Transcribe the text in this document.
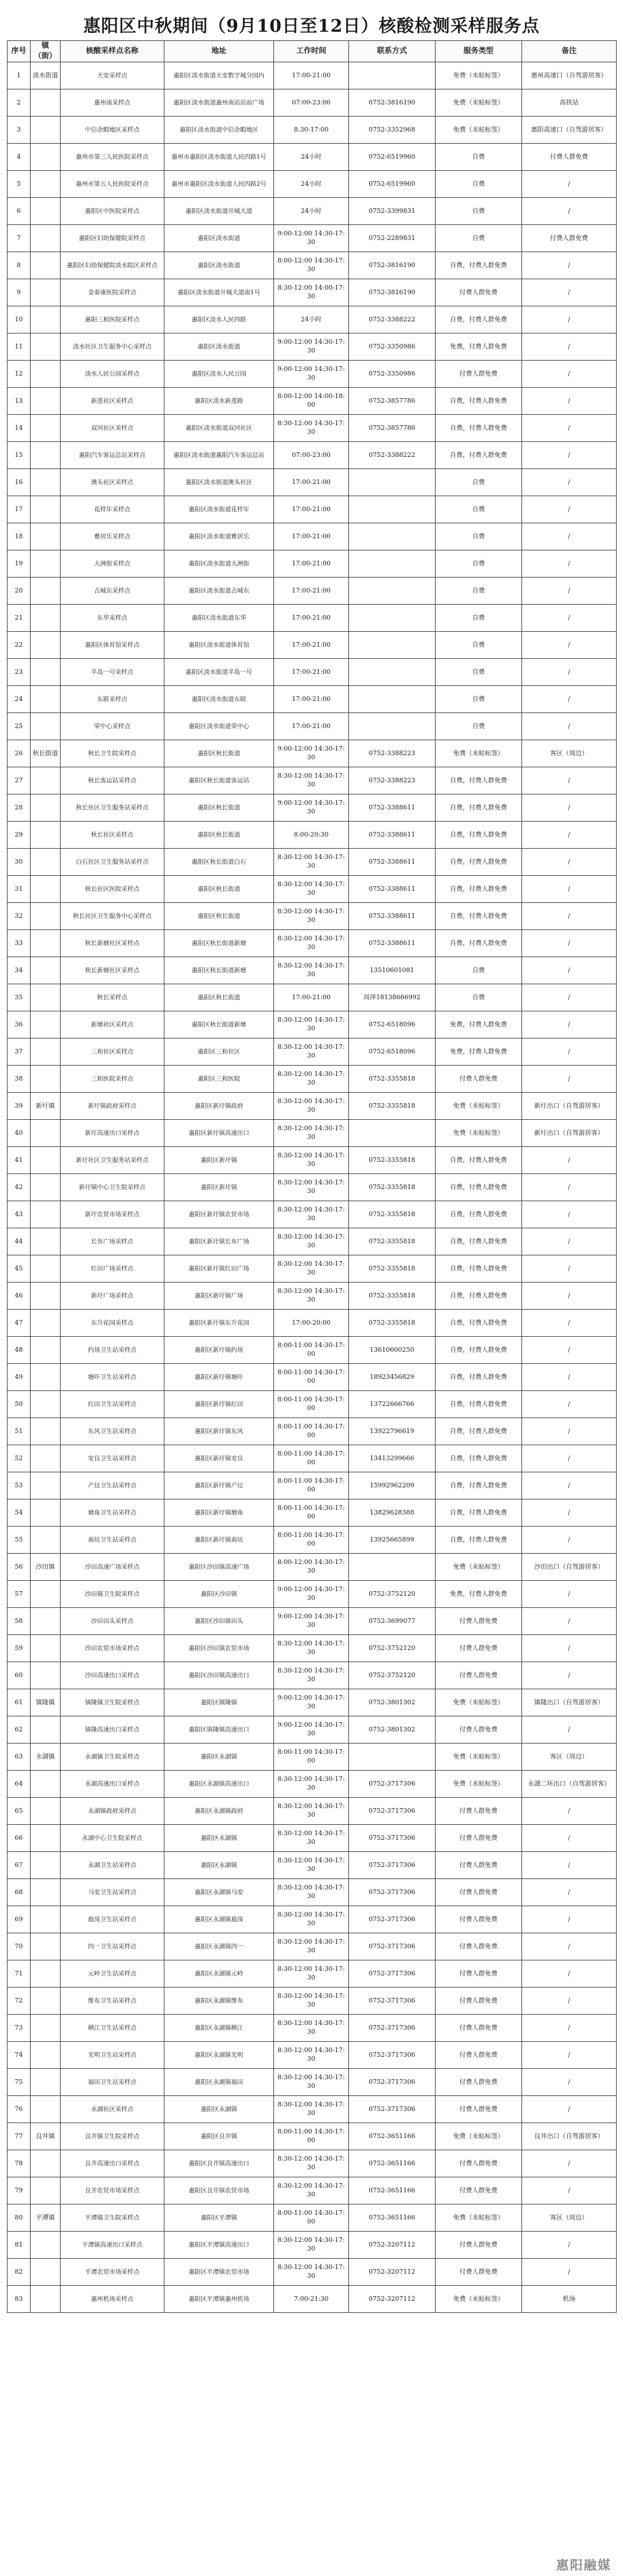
惠阳区中秋期间（9月10日至12日）核酸检测采样服务点
序号	镇（街）	核酸采样点名称	地址	工作时间	联系方式	服务类型	备注
1	淡水街道	天安采样点	惠阳区淡水街道天安数字城分园内	17:00-21:00		免费（未贴标签）	惠州高速口（自驾游居客）
2		惠州南采样点	惠阳区淡水街道惠州南站站前广场	07:00-23:00	0752-3816190	免费（未贴标签）	高铁站
3		中信余暇地区采样点	惠阳区淡水街道中信余暇地区	8:30-17:00	0752-3352968	免费（未贴标签）	惠阳高速口（自驾游居客）
4		惠州市第三人民医院采样点	惠州市惠阳区淡水街道人民四路1号	24小时	0752-6519960	自费	付费人群免费
5		惠州市第五人民医院采样点	惠州市惠阳区淡水街道人民四路2号	24小时	0752-6519960	自费	/
6		惠阳区中医院采样点	惠阳区淡水街道开城大道	24小时	0752-3399831	自费	/
7		惠阳区妇幼保健院采样点	惠阳区淡水街道	9:00-12:00 14:30-17:30	0752-2289831	自费	付费人群免费
8		惠阳区妇幼保健院淡水院区采样点	惠阳区淡水街道	8:00-12:00 14:30-17:30	0752-3816190	自费，付费人群免费	/
9		金泰康医院采样点	惠阳区淡水街道开城大道南1号	8:30-12:00 14:00-17:30	0752-3816190	付费人群免费	/
10		惠阳三和医院采样点	惠阳区淡水人民四路	24小时	0752-3388222	自费，付费人群免费	/
11		淡水社区卫生服务中心采样点	惠阳区淡水街道	9:00-12:00 14:30-17:30	0752-3350986	免费，付费人群免费	/
12		淡水人民公园采样点	惠阳区淡水人民公园	9:00-12:00 14:30-17:30	0752-3350986	付费人群免费	/
13		新莲社区采样点	惠阳区淡水新莲路	8:00-12:00 14:00-18:00	0752-3857786	自费，付费人群免费	/
14		双河社区采样点	惠阳区淡水街道双河社区	8:30-12:00 14:30-17:30	0752-3857786	自费，付费人群免费	/
15		惠阳汽车客运总站采样点	惠阳区淡水街道惠阳汽车客运总站	07:00-23:00	0752-3388222	自费，付费人群免费	/
16		澳头社区采样点	惠阳区淡水街道澳头社区	17:00-21:00		自费	/
17		花样年采样点	惠阳区淡水街道花样年	17:00-21:00		自费	/
18		雅居乐采样点	惠阳区淡水街道雅居乐	17:00-21:00		自费	/
19		大洲街采样点	惠阳区淡水街道大洲街	17:00-21:00		自费	/
20		古城东采样点	惠阳区淡水街道古城东	17:00-21:00		自费	/
21		东华采样点	惠阳区淡水街道东华	17:00-21:00		自费	/
22		惠阳区体育馆采样点	惠阳区淡水街道体育馆	17:00-21:00		自费	/
23		半岛一号采样点	惠阳区淡水街道半岛一号	17:00-21:00		自费	/
24		东联采样点	惠阳区淡水街道东联	17:00-21:00		自费	/
25		荣中心采样点	惠阳区淡水街道荣中心	17:00-21:00		自费	/
26	秋长街道	秋长卫生院采样点	惠阳区秋长街道	9:00-12:00 14:30-17:30	0752-3388223	免费（未贴标签）	客区（周边）
27		秋长客运站采样点	惠阳区秋长街道客运站	8:30-12:00 14:30-17:30	0752-3388223	自费，付费人群免费	/
28		秋长社区卫生服务站采样点	惠阳区秋长街道	9:00-12:00 14:30-17:30	0752-3388611	自费，付费人群免费	/
29		秋长社区采样点	惠阳区秋长街道	8:00-20:30	0752-3388611	自费，付费人群免费	/
30		白石社区卫生服务站采样点	惠阳区秋长街道白石	8:30-12:00 14:30-17:30	0752-3388611	自费，付费人群免费	/
31		秋长社区医院采样点	惠阳区秋长街道	8:30-12:00 14:30-17:30	0752-3388611	自费，付费人群免费	/
32		秋长社区卫生服务中心采样点	惠阳区秋长街道	8:30-12:00 14:30-17:30	0752-3388611	自费，付费人群免费	/
33		秋长新塘社区采样点	惠阳区秋长街道新塘	8:30-12:00 14:30-17:30	0752-3388611	自费，付费人群免费	/
34		秋长新塘社区采样点	惠阳区秋长街道新塘	8:30-12:00 14:30-17:30	13510601081	自费	/
35		秋长采样点	惠阳区秋长街道	17:00-21:00	周萍18138666992	自费	/
36		新塘社区采样点	惠阳区秋长街道新塘	8:30-12:00 14:30-17:30	0752-6518096	免费，付费人群免费	/
37		三和社区采样点	惠阳区三和社区	8:30-12:00 14:30-17:30	0752-6518096	免费，付费人群免费	/
38		三和医院采样点	惠阳区三和医院	8:30-12:00 14:30-17:30	0752-3355818	付费人群免费	/
39	新圩镇	新圩镇政府采样点	惠阳区新圩镇政府	8:30-12:00 14:30-17:30	0752-3355818	免费（未贴标签）	新圩出口（自驾游居客）
40		新圩高速出口采样点	惠阳区新圩镇高速出口	8:30-12:00 14:30-17:30		免费（未贴标签）	新圩出口（自驾游居客）
41		新圩社区卫生服务站采样点	惠阳区新圩镇	8:30-12:00 14:30-17:30	0752-3355818	自费，付费人群免费	/
42		新圩镇中心卫生院采样点	惠阳区新圩镇	8:30-12:00 14:30-17:30	0752-3355818	自费，付费人群免费	/
43		新圩农贸市场采样点	惠阳区新圩镇农贸市场	8:30-12:00 14:30-17:30	0752-3355818	自费，付费人群免费	/
44		长布广场采样点	惠阳区新圩镇长布广场	8:30-12:00 14:30-17:30	0752-3355818	自费，付费人群免费	/
45		红田广场采样点	惠阳区新圩镇红田广场	8:30-12:00 14:30-17:30	0752-3355818	自费，付费人群免费	/
46		新圩广场采样点	惠阳区新圩镇广场	8:30-12:00 14:30-17:30	0752-3355818	自费，付费人群免费	/
47		东升花园采样点	惠阳区新圩镇东升花园	17:00-20:00	0752-3355818	自费，付费人群免费	/
48		约场卫生站采样点	惠阳区新圩镇约场	8:00-11:00 14:30-17:00	13610600250	自费，付费人群免费	/
49		塘吓卫生站采样点	惠阳区新圩镇塘吓	8:00-11:00 14:30-17:00	18923456829	自费，付费人群免费	/
50		红田卫生站采样点	惠阳区新圩镇红田	8:00-11:00 14:30-17:00	13722666766	自费，付费人群免费	/
51		东风卫生站采样点	惠阳区新圩镇东风	8:00-11:00 14:30-17:00	13922796619	自费，付费人群免费	/
52		安良卫生站采样点	惠阳区新圩镇安良	8:00-11:00 14:30-17:00	13413299666	自费，付费人群免费	/
53		产径卫生站采样点	惠阳区新圩镇产径	8:00-11:00 14:30-17:00	15992962209	自费，付费人群免费	/
54		塘角卫生站采样点	惠阳区新圩镇塘角	8:00-11:00 14:30-17:00	13829628388	自费，付费人群免费	/
55		南坑卫生站采样点	惠阳区新圩镇南坑	8:00-11:00 14:30-17:00	13925665899	自费，付费人群免费	/
56	沙田镇	沙田高速广场采样点	惠阳区沙田镇高速广场	8:00-12:00 14:30-17:30		免费（未贴标签）	沙田出口（自驾游居客）
57		沙田镇卫生院采样点	惠阳区沙田镇	9:00-12:00 14:30-17:30	0752-3752120	免费，付费人群免费	/
58		沙田田头采样点	惠阳区沙田镇田头	9:00-12:00 14:30-17:30	0752-3699077	付费人群免费	/
59		沙田农贸市场采样点	惠阳区沙田镇农贸市场	8:30-12:00 14:30-17:30	0752-3752120	付费人群免费	/
60		沙田高速出口采样点	惠阳区沙田镇高速出口	8:30-12:00 14:30-17:30	0752-3752120	付费人群免费	/
61	镇隆镇	镇隆镇卫生院采样点	惠阳区镇隆镇	9:00-12:00 14:30-17:30	0752-3801302	免费（未贴标签）	镇隆出口（自驾游居客）
62		镇隆高速出口采样点	惠阳区镇隆镇高速出口	9:00-12:00 14:30-17:30	0752-3801302	付费人群免费	/
63	永湖镇	永湖镇卫生院采样点	惠阳区永湖镇	8:00-11:00 14:30-17:00		免费（未贴标签）	客区（周边）
64		永湖高速出口采样点	惠阳区永湖镇高速出口	8:30-12:00 14:30-17:30	0752-3717306	免费（未贴标签）	永湖二环出口（自驾游居客）
65		永湖镇政府采样点	惠阳区永湖镇政府	8:30-12:00 14:30-17:30	0752-3717306	付费人群免费	/
66		永湖中心卫生院采样点	惠阳区永湖镇	8:30-12:00 14:30-17:30	0752-3717306	付费人群免费	/
67		永湖卫生站采样点	惠阳区永湖镇	8:30-12:00 14:30-17:30	0752-3717306	付费人群免费	/
68		马安卫生站采样点	惠阳区永湖镇马安	8:30-12:00 14:30-17:30	0752-3717306	付费人群免费	/
69		鹿岗卫生站采样点	惠阳区永湖镇鹿岗	8:30-12:00 14:30-17:30	0752-3717306	付费人群免费	/
70		四一卫生站采样点	惠阳区永湖镇四一	8:30-12:00 14:30-17:30	0752-3717306	付费人群免费	/
71		元岭卫生站采样点	惠阳区永湖镇元岭	8:30-12:00 14:30-17:30	0752-3717306	付费人群免费	/
72		维布卫生站采样点	惠阳区永湖镇维布	8:30-12:00 14:30-17:30	0752-3717306	付费人群免费	/
73		横江卫生站采样点	惠阳区永湖镇横江	8:30-12:00 14:30-17:30	0752-3717306	付费人群免费	/
74		光明卫生站采样点	惠阳区永湖镇光明	8:30-12:00 14:30-17:30	0752-3717306	付费人群免费	/
75		福田卫生站采样点	惠阳区永湖镇福田	8:30-12:00 14:30-17:30	0752-3717306	付费人群免费	/
76		永湖社区采样点	惠阳区永湖镇	8:30-12:00 14:30-17:30	0752-3717306	付费人群免费	/
77	良井镇	良井镇卫生院采样点	惠阳区良井镇	8:00-11:00 14:30-17:00	0752-3651166	免费（未贴标签）	良井出口（自驾游居客）
78		良井高速出口采样点	惠阳区良井镇高速出口	8:30-12:00 14:30-17:30	0752-3651166	付费人群免费	/
79		良井农贸市场采样点	惠阳区良井镇农贸市场	8:30-12:00 14:30-17:30	0752-3651166	付费人群免费	/
80	平潭镇	平潭镇卫生院采样点	惠阳区平潭镇	8:00-11:00 14:30-17:00	0752-3651166	免费（未贴标签）	客区（周边）
81		平潭镇高速出口采样点	惠阳区平潭镇高速出口	8:30-12:00 14:30-17:30	0752-3207112	付费人群免费	/
82		平潭农贸市场采样点	惠阳区平潭镇农贸市场	8:30-12:00 14:30-17:30	0752-3207112	付费人群免费	/
83		惠州机场采样点	惠阳区平潭镇惠州机场	7:00-21:30	0752-3207112	免费（未贴标签）	机场
惠阳融媒
